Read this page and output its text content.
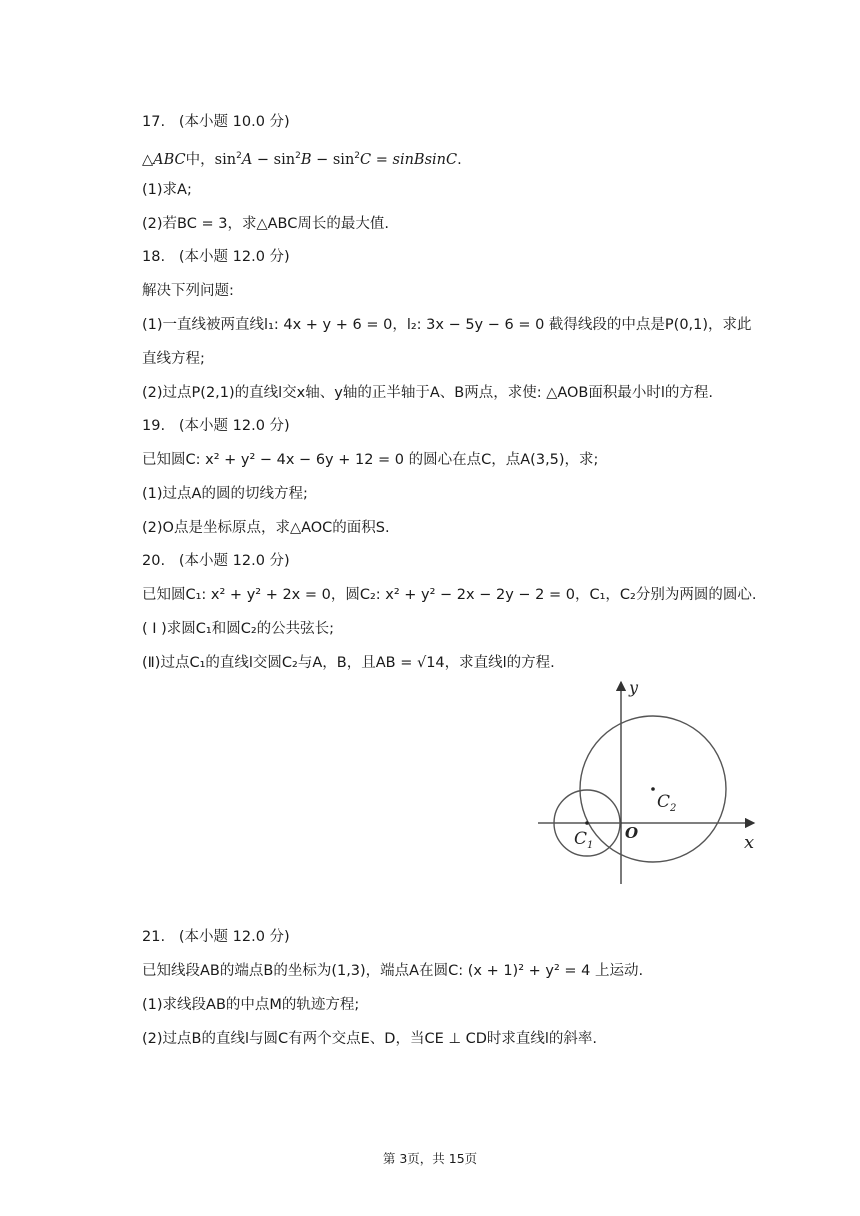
17.   (本小题 10.0 分)
△ABC中，$\sin^2A - \sin^2B - \sin^2C$ = sinBsinC.
(1)求A;
(2)若BC = 3，求△ABC周长的最大值.
18.   (本小题 12.0 分)
解决下列问题:
(1)一直线被两直线l₁: 4x + y + 6 = 0，l₂: 3x − 5y − 6 = 0 截得线段的中点是P(0,1)，求此
直线方程;
(2)过点P(2,1)的直线l交x轴、y轴的正半轴于A、B两点，求使: △AOB面积最小时l的方程.
19.   (本小题 12.0 分)
已知圆C: x² + y² − 4x − 6y + 12 = 0 的圆心在点C，点A(3,5)，求;
(1)过点A的圆的切线方程;
(2)O点是坐标原点，求△AOC的面积S.
20.   (本小题 12.0 分)
已知圆C₁: x² + y² + 2x = 0，圆C₂: x² + y² − 2x − 2y − 2 = 0，C₁，C₂分别为两圆的圆心.
( I )求圆C₁和圆C₂的公共弦长;
(Ⅱ)过点C₁的直线l交圆C₂与A，B，且AB = √14，求直线l的方程.
y
x
O
$C_1$
$C_2$
21.   (本小题 12.0 分)
已知线段AB的端点B的坐标为(1,3)，端点A在圆C: (x + 1)² + y² = 4 上运动.
(1)求线段AB的中点M的轨迹方程;
(2)过点B的直线l与圆C有两个交点E、D，当CE ⊥ CD时求直线l的斜率.
第 3页，共 15页
